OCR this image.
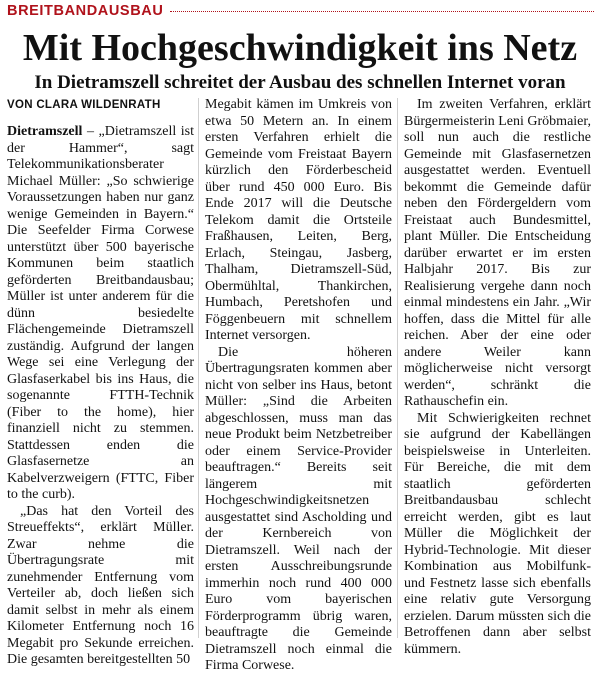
BREITBANDAUSBAU
Mit Hochgeschwindigkeit ins Netz
In Dietramszell schreitet der Ausbau des schnellen Internet voran
VON CLARA WILDENRATH

Dietramszell – „Dietramszell ist der Hammer“, sagt Telekommunikationsberater Michael Müller: „So schwierige Voraussetzungen haben nur ganz wenige Gemeinden in Bayern.“ Die Seefelder Firma Corwese unterstützt über 500 bayerische Kommunen beim staatlich geförderten Breitbandausbau; Müller ist unter anderem für die dünn besiedelte Flächengemeinde Dietramszell zuständig. Aufgrund der langen Wege sei eine Verlegung der Glasfaserkabel bis ins Haus, die sogenannte FTTH-Technik (Fiber to the home), hier finanziell nicht zu stemmen. Stattdessen enden die Glasfasernetze an Kabelverzweigern (FTTC, Fiber to the curb).

„Das hat den Vorteil des Streueffekts“, erklärt Müller. Zwar nehme die Übertragungsrate mit zunehmender Entfernung vom Verteiler ab, doch ließen sich damit selbst in mehr als einem Kilometer Entfernung noch 16 Megabit pro Sekunde erreichen. Die gesamten bereitgestellten 50

Megabit kämen im Umkreis von etwa 50 Metern an. In einem ersten Verfahren erhielt die Gemeinde vom Freistaat Bayern kürzlich den Förderbescheid über rund 450 000 Euro. Bis Ende 2017 will die Deutsche Telekom damit die Ortsteile Fraßhausen, Leiten, Berg, Erlach, Steingau, Jasberg, Thalham, Dietramszell-Süd, Obermühltal, Thankirchen, Humbach, Peretshofen und Föggenbeuern mit schnellem Internet versorgen.

Die höheren Übertragungsraten kommen aber nicht von selber ins Haus, betont Müller: „Sind die Arbeiten abgeschlossen, muss man das neue Produkt beim Netzbetreiber oder einem Service-Provider beauftragen.“ Bereits seit längerem mit Hochgeschwindigkeitsnetzen ausgestattet sind Ascholding und der Kernbereich von Dietramszell. Weil nach der ersten Ausschreibungsrunde immerhin noch rund 400 000 Euro vom bayerischen Förderprogramm übrig waren, beauftragte die Gemeinde Dietramszell noch einmal die Firma Corwese.

Im zweiten Verfahren, erklärt Bürgermeisterin Leni Gröbmaier, soll nun auch die restliche Gemeinde mit Glasfasernetzen ausgestattet werden. Eventuell bekommt die Gemeinde dafür neben den Fördergeldern vom Freistaat auch Bundesmittel, plant Müller. Die Entscheidung darüber erwartet er im ersten Halbjahr 2017. Bis zur Realisierung vergehe dann noch einmal mindestens ein Jahr. „Wir hoffen, dass die Mittel für alle reichen. Aber der eine oder andere Weiler kann möglicherweise nicht versorgt werden“, schränkt die Rathauschefin ein.

Mit Schwierigkeiten rechnet sie aufgrund der Kabellängen beispielsweise in Unterleiten. Für Bereiche, die mit dem staatlich geförderten Breitbandausbau schlecht erreicht werden, gibt es laut Müller die Möglichkeit der Hybrid-Technologie. Mit dieser Kombination aus Mobilfunk- und Festnetz lasse sich ebenfalls eine relativ gute Versorgung erzielen. Darum müssten sich die Betroffenen dann aber selbst kümmern.
